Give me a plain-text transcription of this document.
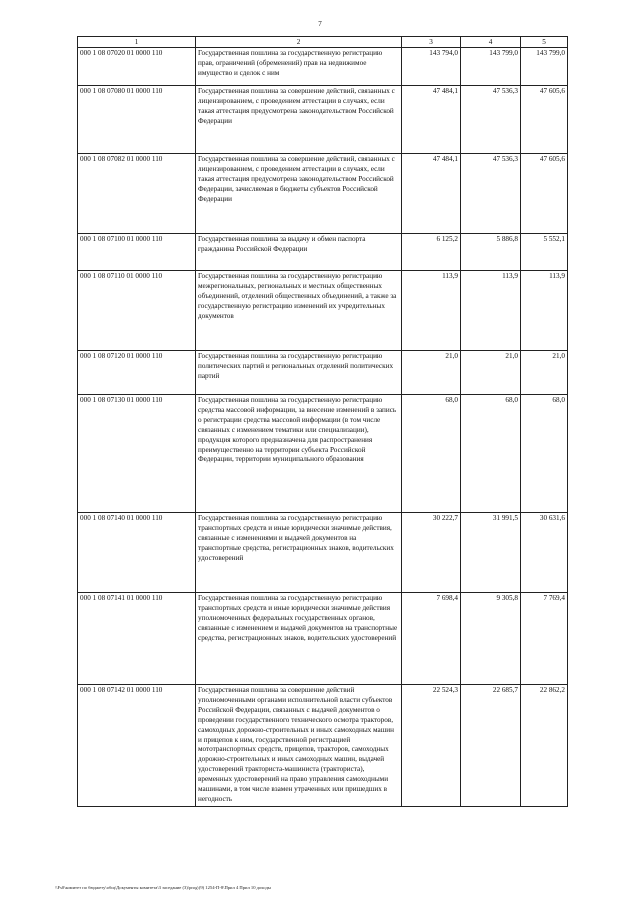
7
1	2	3	4	5
000 1 08 07020 01 0000 110	Государственная пошлина за государственную регистрацию прав, ограничений (обременений) прав на недвижимое имущество и сделок с ним	143 794,0	143 799,0	143 799,0
000 1 08 07080 01 0000 110	Государственная пошлина за совершение действий, связанных с лицензированием, с проведением аттестации в случаях, если такая аттестация предусмотрена законодательством Российской Федерации	47 484,1	47 536,3	47 605,6
000 1 08 07082 01 0000 110	Государственная пошлина за совершение действий, связанных с лицензированием, с проведением аттестации в случаях, если такая аттестация предусмотрена законодательством Российской Федерации, зачисляемая в бюджеты субъектов Российской Федерации	47 484,1	47 536,3	47 605,6
000 1 08 07100 01 0000 110	Государственная пошлина за выдачу и обмен паспорта гражданина Российской Федерации	6 125,2	5 886,8	5 552,1
000 1 08 07110 01 0000 110	Государственная пошлина за государственную регистрацию межрегиональных, региональных и местных общественных объединений, отделений общественных объединений, а также за государственную регистрацию изменений их учредительных документов	113,9	113,9	113,9
000 1 08 07120 01 0000 110	Государственная пошлина за государственную регистрацию политических партий и региональных отделений политических партий	21,0	21,0	21,0
000 1 08 07130 01 0000 110	Государственная пошлина за государственную регистрацию средства массовой информации, за внесение изменений в запись о регистрации средства массовой информации (в том числе связанных с изменением тематики или специализации), продукция которого предназначена для распространения преимущественно на территории субъекта Российской Федерации, территории муниципального образования	68,0	68,0	68,0
000 1 08 07140 01 0000 110	Государственная пошлина за государственную регистрацию транспортных средств и иные юридически значимые действия, связанные с изменениями и выдачей документов на транспортные средства, регистрационных знаков, водительских удостоверений	30 222,7	31 991,5	30 631,6
000 1 08 07141 01 0000 110	Государственная пошлина за государственную регистрацию транспортных средств и иные юридически значимые действия уполномоченных федеральных государственных органов, связанные с изменением и выдачей документов на транспортные средства, регистрационных знаков, водительских удостоверений	7 698,4	9 305,8	7 769,4
000 1 08 07142 01 0000 110	Государственная пошлина за совершение действий уполномоченными органами исполнительной власти субъектов Российской Федерации, связанных с выдачей документов о проведении государственного технического осмотра тракторов, самоходных дорожно-строительных и иных самоходных машин и прицепов к ним, государственной регистрацией мототранспортных средств, прицепов, тракторов, самоходных дорожно-строительных и иных самоходных машин, выдачей удостоверений тракториста-машиниста (тракториста), временных удостоверений на право управления самоходными машинами, в том числе взамен утраченных или пришедших в негодность	22 524,3	22 685,7	22 862,2
\\Fs0\комитет по бюджету\общ\Документы комитета\3 заседание (3)\prog\(9) 1254-П-8\Прил 4 Прил 10 доходы
